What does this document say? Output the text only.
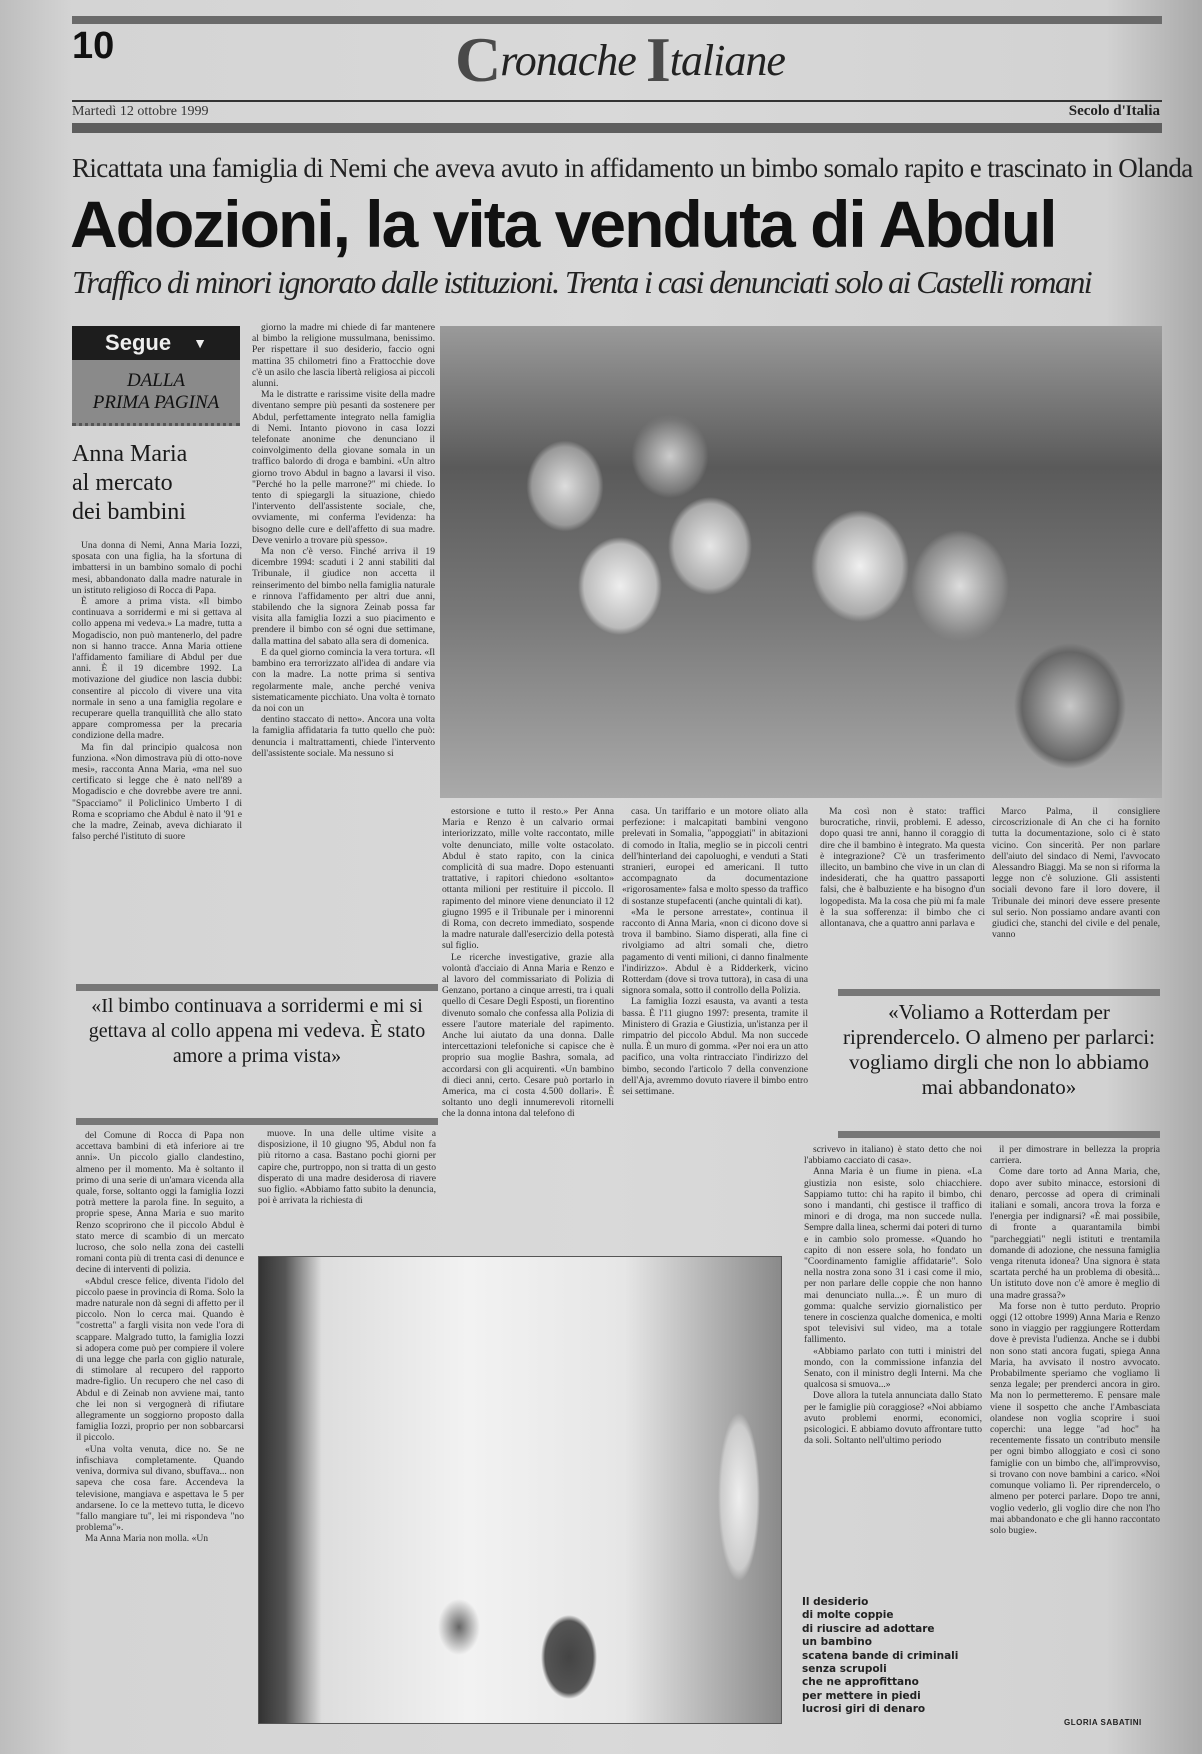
10	Cronache Italiane
Martedì 12 ottobre 1999	Secolo d'Italia
Ricattata una famiglia di Nemi che aveva avuto in affidamento un bimbo somalo rapito e trascinato in Olanda
Adozioni, la vita venduta di Abdul
Traffico di minori ignorato dalle istituzioni. Trenta i casi denunciati solo ai Castelli romani
Segue ▼
DALLA
PRIMA PAGINA
Anna Maria
al mercato
dei bambini

Una donna di Nemi, Anna Maria Iozzi, sposata con una figlia, ha la sfortuna di imbattersi in un bambino somalo di pochi mesi, abbandonato dalla madre naturale in un istituto religioso di Rocca di Papa.

È amore a prima vista. «Il bimbo continuava a sorridermi e mi si gettava al collo appena mi vedeva.» La madre, tutta a Mogadiscio, non può mantenerlo, del padre non si hanno tracce. Anna Maria ottiene l'affidamento familiare di Abdul per due anni. È il 19 dicembre 1992. La motivazione del giudice non lascia dubbi: consentire al piccolo di vivere una vita normale in seno a una famiglia regolare e recuperare quella tranquillità che allo stato appare compromessa per la precaria condizione della madre.

Ma fin dal principio qualcosa non funziona. «Non dimostrava più di otto-nove mesi», racconta Anna Maria, «ma nel suo certificato si legge che è nato nell'89 a Mogadiscio e che dovrebbe avere tre anni. "Spacciamo" il Policlinico Umberto I di Roma e scopriamo che Abdul è nato il '91 e che la madre, Zeinab, aveva dichiarato il falso perché l'istituto di suore

giorno la madre mi chiede di far mantenere al bimbo la religione mussulmana, benissimo. Per rispettare il suo desiderio, faccio ogni mattina 35 chilometri fino a Frattocchie dove c'è un asilo che lascia libertà religiosa ai piccoli alunni.

Ma le distratte e rarissime visite della madre diventano sempre più pesanti da sostenere per Abdul, perfettamente integrato nella famiglia di Nemi. Intanto piovono in casa Iozzi telefonate anonime che denunciano il coinvolgimento della giovane somala in un traffico balordo di droga e bambini. «Un altro giorno trovo Abdul in bagno a lavarsi il viso. "Perché ho la pelle marrone?" mi chiede. Io tento di spiegargli la situazione, chiedo l'intervento dell'assistente sociale, che, ovviamente, mi conferma l'evidenza: ha bisogno delle cure e dell'affetto di sua madre. Deve venirlo a trovare più spesso».

Ma non c'è verso. Finché arriva il 19 dicembre 1994: scaduti i 2 anni stabiliti dal Tribunale, il giudice non accetta il reinserimento del bimbo nella famiglia naturale e rinnova l'affidamento per altri due anni, stabilendo che la signora Zeinab possa far visita alla famiglia Iozzi a suo piacimento e prendere il bimbo con sé ogni due settimane, dalla mattina del sabato alla sera di domenica.

E da quel giorno comincia la vera tortura. «Il bambino era terrorizzato all'idea di andare via con la madre. La notte prima si sentiva regolarmente male, anche perché veniva sistematicamente picchiato. Una volta è tornato da noi con un

dentino staccato di netto». Ancora una volta la famiglia affidataria fa tutto quello che può: denuncia i maltrattamenti, chiede l'intervento dell'assistente sociale. Ma nessuno si

estorsione e tutto il resto.» Per Anna Maria e Renzo è un calvario ormai interiorizzato, mille volte raccontato, mille volte denunciato, mille volte ostacolato. Abdul è stato rapito, con la cinica complicità di sua madre. Dopo estenuanti trattative, i rapitori chiedono «soltanto» ottanta milioni per restituire il piccolo. Il rapimento del minore viene denunciato il 12 giugno 1995 e il Tribunale per i minorenni di Roma, con decreto immediato, sospende la madre naturale dall'esercizio della potestà sul figlio.

Le ricerche investigative, grazie alla volontà d'acciaio di Anna Maria e Renzo e al lavoro del commissariato di Polizia di Genzano, portano a cinque arresti, tra i quali quello di Cesare Degli Esposti, un fiorentino divenuto somalo che confessa alla Polizia di essere l'autore materiale del rapimento. Anche lui aiutato da una donna. Dalle intercettazioni telefoniche si capisce che è proprio sua moglie Bashra, somala, ad accordarsi con gli acquirenti. «Un bambino di dieci anni, certo. Cesare può portarlo in America, ma ci costa 4.500 dollari». È soltanto uno degli innumerevoli ritornelli che la donna intona dal telefono di

casa. Un tariffario e un motore oliato alla perfezione: i malcapitati bambini vengono prelevati in Somalia, "appoggiati" in abitazioni di comodo in Italia, meglio se in piccoli centri dell'hinterland dei capoluoghi, e venduti a Stati stranieri, europei ed americani. Il tutto accompagnato da documentazione «rigorosamente» falsa e molto spesso da traffico di sostanze stupefacenti (anche quintali di kat).

«Ma le persone arrestate», continua il racconto di Anna Maria, «non ci dicono dove si trova il bambino. Siamo disperati, alla fine ci rivolgiamo ad altri somali che, dietro pagamento di venti milioni, ci danno finalmente l'indirizzo». Abdul è a Ridderkerk, vicino Rotterdam (dove si trova tuttora), in casa di una signora somala, sotto il controllo della Polizia.

La famiglia Iozzi esausta, va avanti a testa bassa. È l'11 giugno 1997: presenta, tramite il Ministero di Grazia e Giustizia, un'istanza per il rimpatrio del piccolo Abdul. Ma non succede nulla. È un muro di gomma. «Per noi era un atto pacifico, una volta rintracciato l'indirizzo del bimbo, secondo l'articolo 7 della convenzione dell'Aja, avremmo dovuto riavere il bimbo entro sei settimane.

Ma così non è stato: traffici burocratiche, rinvii, problemi. E adesso, dopo quasi tre anni, hanno il coraggio di dire che il bambino è integrato. Ma questa è integrazione? C'è un trasferimento illecito, un bambino che vive in un clan di indesiderati, che ha quattro passaporti falsi, che è balbuziente e ha bisogno d'un logopedista. Ma la cosa che più mi fa male è la sua sofferenza: il bimbo che ci allontanava, che a quattro anni parlava e

Marco Palma, il consigliere circoscrizionale di An che ci ha fornito tutta la documentazione, solo ci è stato vicino. Con sincerità. Per non parlare dell'aiuto del sindaco di Nemi, l'avvocato Alessandro Biaggi. Ma se non si riforma la legge non c'è soluzione. Gli assistenti sociali devono fare il loro dovere, il Tribunale dei minori deve essere presente sul serio. Non possiamo andare avanti con giudici che, stanchi del civile e del penale, vanno

del Comune di Rocca di Papa non accettava bambini di età inferiore ai tre anni». Un piccolo giallo clandestino, almeno per il momento. Ma è soltanto il primo di una serie di un'amara vicenda alla quale, forse, soltanto oggi la famiglia Iozzi potrà mettere la parola fine. In seguito, a proprie spese, Anna Maria e suo marito Renzo scoprirono che il piccolo Abdul è stato merce di scambio di un mercato lucroso, che solo nella zona dei castelli romani conta più di trenta casi di denunce e decine di interventi di polizia.

«Abdul cresce felice, diventa l'idolo del piccolo paese in provincia di Roma. Solo la madre naturale non dà segni di affetto per il piccolo. Non lo cerca mai. Quando è "costretta" a fargli visita non vede l'ora di scappare. Malgrado tutto, la famiglia Iozzi si adopera come può per compiere il volere di una legge che parla con giglio naturale, di stimolare al recupero del rapporto madre-figlio. Un recupero che nel caso di Abdul e di Zeinab non avviene mai, tanto che lei non si vergognerà di rifiutare allegramente un soggiorno proposto dalla famiglia Iozzi, proprio per non sobbarcarsi il piccolo.

«Una volta venuta, dice no. Se ne infischiava completamente. Quando veniva, dormiva sul divano, sbuffava... non sapeva che cosa fare. Accendeva la televisione, mangiava e aspettava le 5 per andarsene. Io ce la mettevo tutta, le dicevo "fallo mangiare tu", lei mi rispondeva "no problema"».

Ma Anna Maria non molla. «Un

muove. In una delle ultime visite a disposizione, il 10 giugno '95, Abdul non fa più ritorno a casa. Bastano pochi giorni per capire che, purtroppo, non si tratta di un gesto disperato di una madre desiderosa di riavere suo figlio. «Abbiamo fatto subito la denuncia, poi è arrivata la richiesta di

scrivevo in italiano) è stato detto che noi l'abbiamo cacciato di casa».

Anna Maria è un fiume in piena. «La giustizia non esiste, solo chiacchiere. Sappiamo tutto: chi ha rapito il bimbo, chi sono i mandanti, chi gestisce il traffico di minori e di droga, ma non succede nulla. Sempre dalla linea, schermi dai poteri di turno e in cambio solo promesse. «Quando ho capito di non essere sola, ho fondato un "Coordinamento famiglie affidatarie". Solo nella nostra zona sono 31 i casi come il mio, per non parlare delle coppie che non hanno mai denunciato nulla...». È un muro di gomma: qualche servizio giornalistico per tenere in coscienza qualche domenica, e molti spot televisivi sul video, ma a totale fallimento.

«Abbiamo parlato con tutti i ministri del mondo, con la commissione infanzia del Senato, con il ministro degli Interni. Ma che qualcosa si smuova...»

Dove allora la tutela annunciata dallo Stato per le famiglie più coraggiose? «Noi abbiamo avuto problemi enormi, economici, psicologici. E abbiamo dovuto affrontare tutto da soli. Soltanto nell'ultimo periodo

il per dimostrare in bellezza la propria carriera.

Come dare torto ad Anna Maria, che, dopo aver subito minacce, estorsioni di denaro, percosse ad opera di criminali italiani e somali, ancora trova la forza e l'energia per indignarsi? «È mai possibile, di fronte a quarantamila bimbi "parcheggiati" negli istituti e trentamila domande di adozione, che nessuna famiglia venga ritenuta idonea? Una signora è stata scartata perché ha un problema di obesità... Un istituto dove non c'è amore è meglio di una madre grassa?»

Ma forse non è tutto perduto. Proprio oggi (12 ottobre 1999) Anna Maria e Renzo sono in viaggio per raggiungere Rotterdam dove è prevista l'udienza. Anche se i dubbi non sono stati ancora fugati, spiega Anna Maria, ha avvisato il nostro avvocato. Probabilmente speriamo che vogliamo lì senza legale; per prenderci ancora in giro. Ma non lo permetteremo. E pensare male viene il sospetto che anche l'Ambasciata olandese non voglia scoprire i suoi coperchi: una legge "ad hoc" ha recentemente fissato un contributo mensile per ogni bimbo alloggiato e così ci sono famiglie con un bimbo che, all'improvviso, si trovano con nove bambini a carico. «Noi comunque voliamo lì. Per riprendercelo, o almeno per poterci parlare. Dopo tre anni, voglio vederlo, gli voglio dire che non l'ho mai abbandonato e che gli hanno raccontato solo bugie».

«Il bimbo continuava a sorridermi e mi si gettava al collo appena mi vedeva. È stato amore a prima vista»
«Voliamo a Rotterdam per riprendercelo. O almeno per parlarci: vogliamo dirgli che non lo abbiamo mai abbandonato»
Il desiderio
di molte coppie
di riuscire ad adottare
un bambino
scatena bande di criminali
senza scrupoli
che ne approfittano
per mettere in piedi
lucrosi giri di denaro
GLORIA SABATINI
